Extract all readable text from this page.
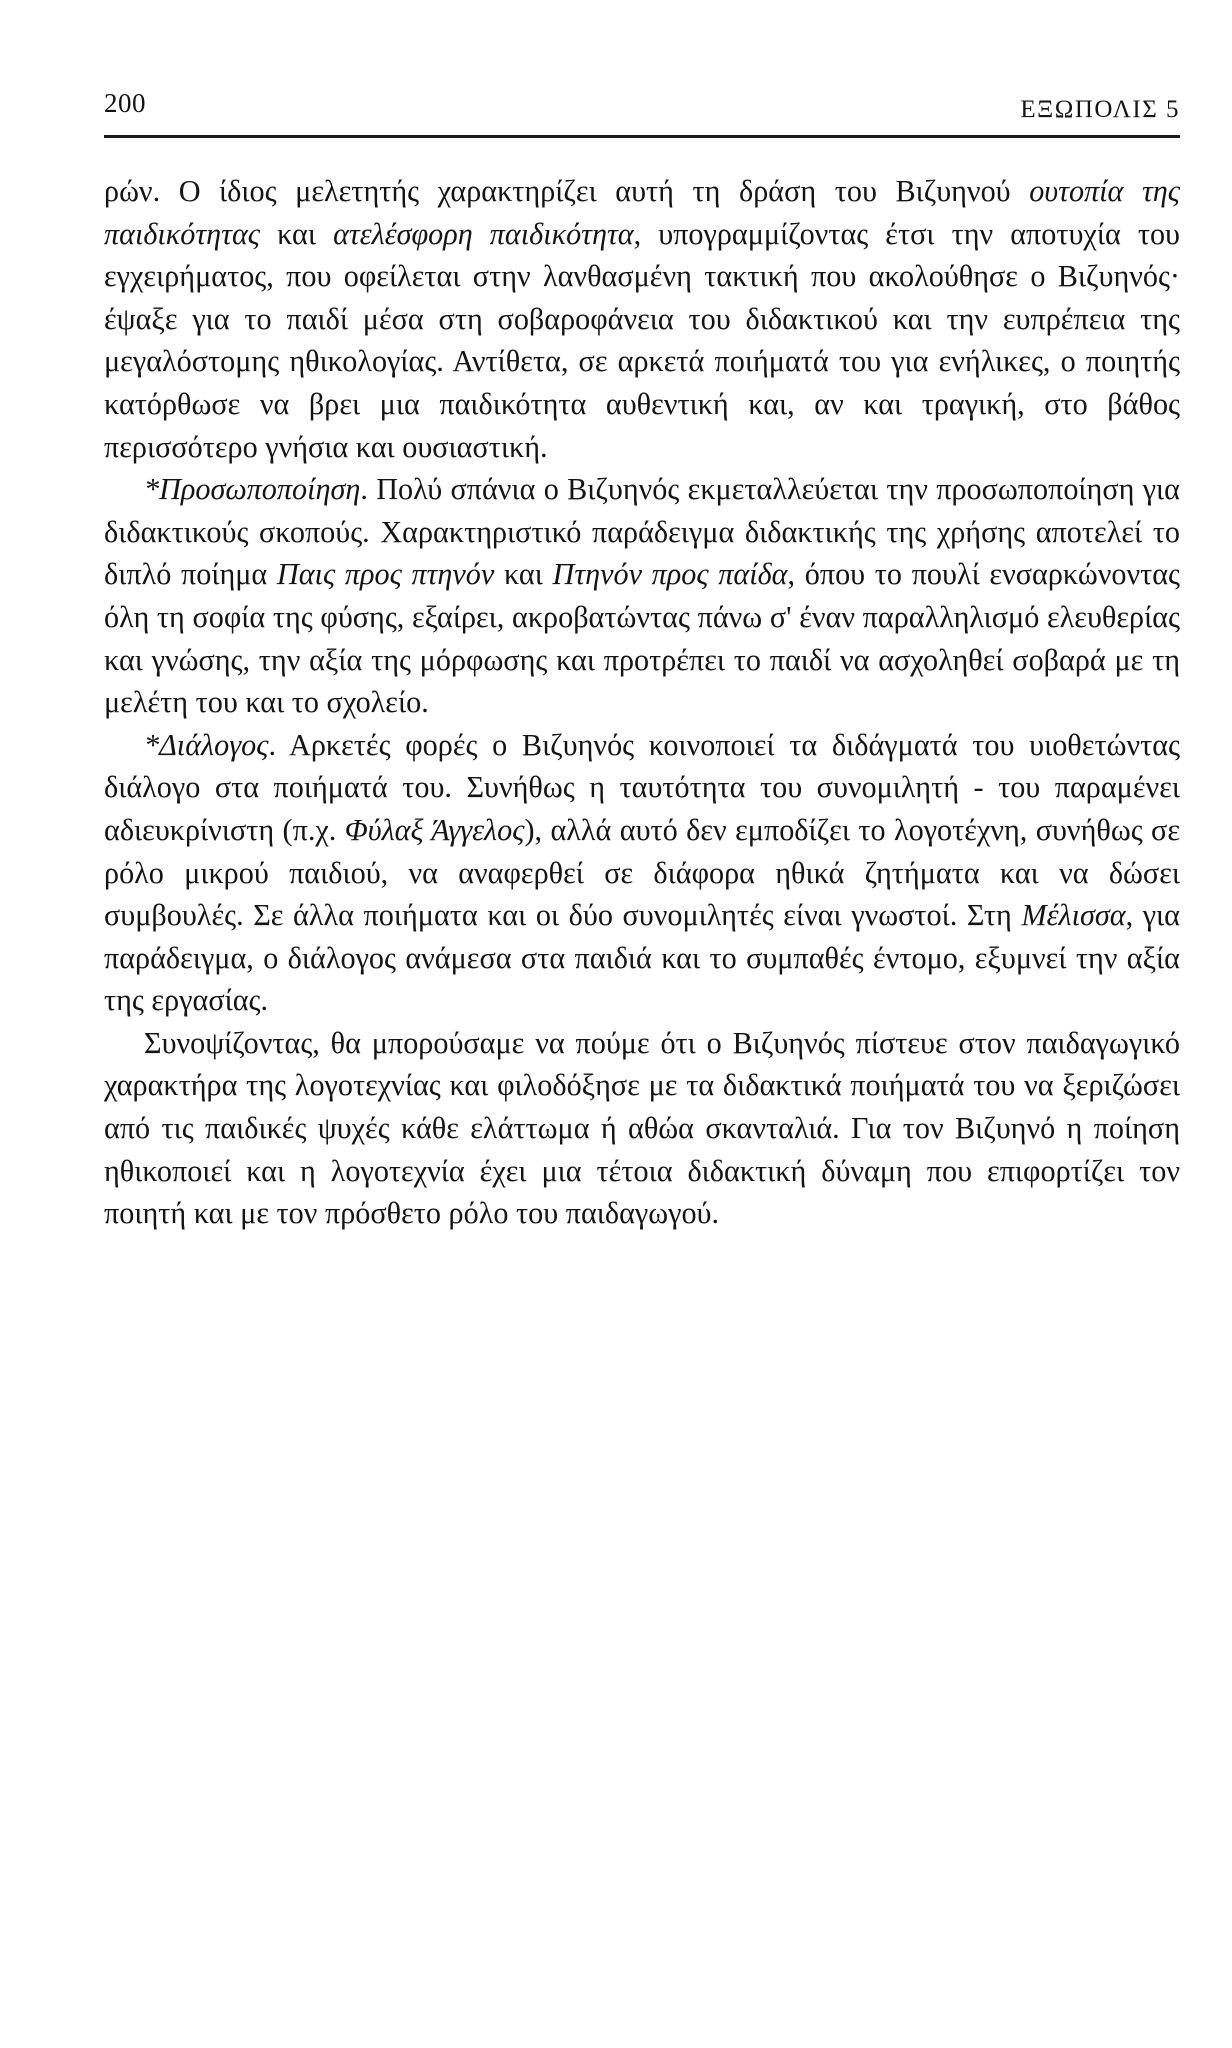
200	ΕΞΩΠΟΛΙΣ 5

ρών. Ο ίδιος μελετητής χαρακτηρίζει αυτή τη δράση του Βιζυηνού ουτοπία της παιδικότητας και ατελέσφορη παιδικότητα, υπογραμμίζοντας έτσι την αποτυχία του εγχειρήματος, που οφείλεται στην λανθασμένη τακτική που ακολούθησε ο Βιζυηνός· έψαξε για το παιδί μέσα στη σοβαροφάνεια του διδακτικού και την ευπρέπεια της μεγαλόστομης ηθικολογίας. Αντίθετα, σε αρκετά ποιήματά του για ενήλικες, ο ποιητής κατόρθωσε να βρει μια παιδικότητα αυθεντική και, αν και τραγική, στο βάθος περισσότερο γνήσια και ουσιαστική.

*Προσωποποίηση. Πολύ σπάνια ο Βιζυηνός εκμεταλλεύεται την προσωποποίηση για διδακτικούς σκοπούς. Χαρακτηριστικό παράδειγμα διδακτικής της χρήσης αποτελεί το διπλό ποίημα Παις προς πτηνόν και Πτηνόν προς παίδα, όπου το πουλί ενσαρκώνοντας όλη τη σοφία της φύσης, εξαίρει, ακροβατώντας πάνω σ' έναν παραλληλισμό ελευθερίας και γνώσης, την αξία της μόρφωσης και προτρέπει το παιδί να ασχοληθεί σοβαρά με τη μελέτη του και το σχολείο.

*Διάλογος. Αρκετές φορές ο Βιζυηνός κοινοποιεί τα διδάγματά του υιοθετώντας διάλογο στα ποιήματά του. Συνήθως η ταυτότητα του συνομιλητή - του παραμένει αδιευκρίνιστη (π.χ. Φύλαξ Άγγελος), αλλά αυτό δεν εμποδίζει το λογοτέχνη, συνήθως σε ρόλο μικρού παιδιού, να αναφερθεί σε διάφορα ηθικά ζητήματα και να δώσει συμβουλές. Σε άλλα ποιήματα και οι δύο συνομιλητές είναι γνωστοί. Στη Μέλισσα, για παράδειγμα, ο διάλογος ανάμεσα στα παιδιά και το συμπαθές έντομο, εξυμνεί την αξία της εργασίας.

Συνοψίζοντας, θα μπορούσαμε να πούμε ότι ο Βιζυηνός πίστευε στον παιδαγωγικό χαρακτήρα της λογοτεχνίας και φιλοδόξησε με τα διδακτικά ποιήματά του να ξεριζώσει από τις παιδικές ψυχές κάθε ελάττωμα ή αθώα σκανταλιά. Για τον Βιζυηνό η ποίηση ηθικοποιεί και η λογοτεχνία έχει μια τέτοια διδακτική δύναμη που επιφορτίζει τον ποιητή και με τον πρόσθετο ρόλο του παιδαγωγού.
